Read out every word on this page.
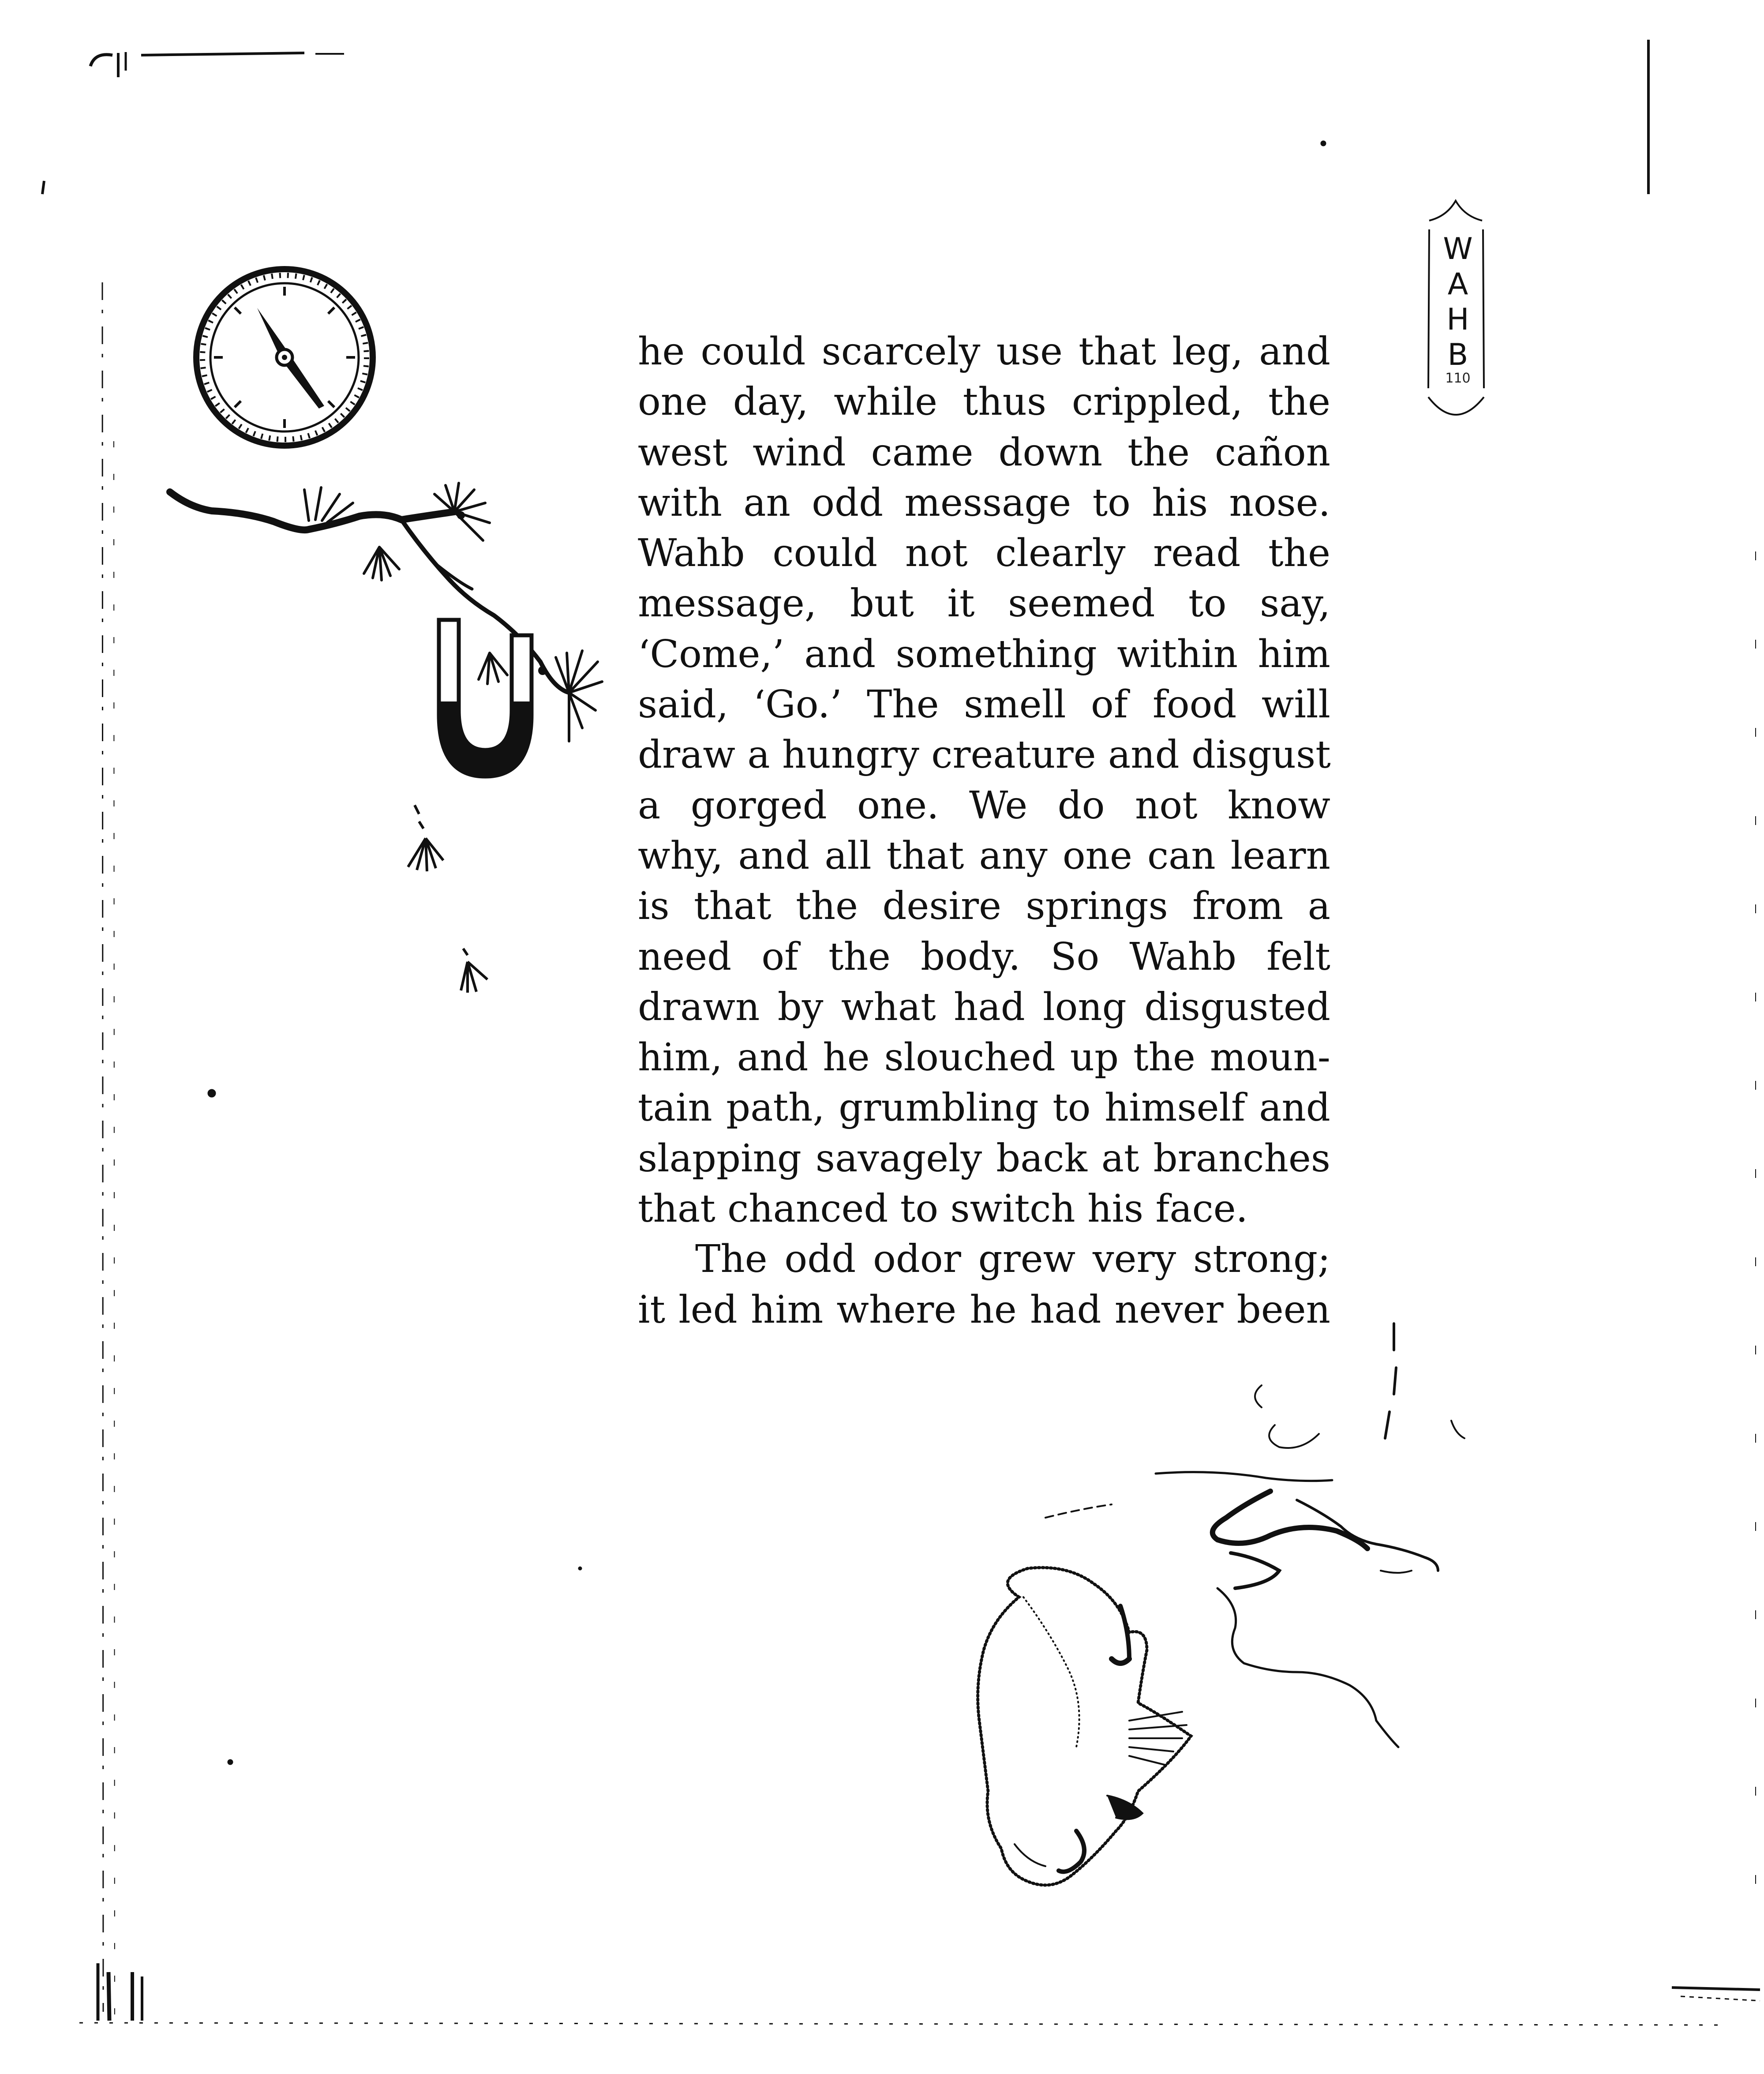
W
A
H
B
110
he could scarcely use that leg, and
one day, while thus crippled, the
west wind came down the cañon
with an odd message to his nose.
Wahb could not clearly read the
message, but it seemed to say,
‘Come,’ and something within him
said, ‘Go.’ The smell of food will
draw a hungry creature and disgust
a gorged one. We do not know
why, and all that any one can learn
is that the desire springs from a
need of the body. So Wahb felt
drawn by what had long disgusted
him, and he slouched up the moun-
tain path, grumbling to himself and
slapping savagely back at branches
that chanced to switch his face.
The odd odor grew very strong;
it led him where he had never been
